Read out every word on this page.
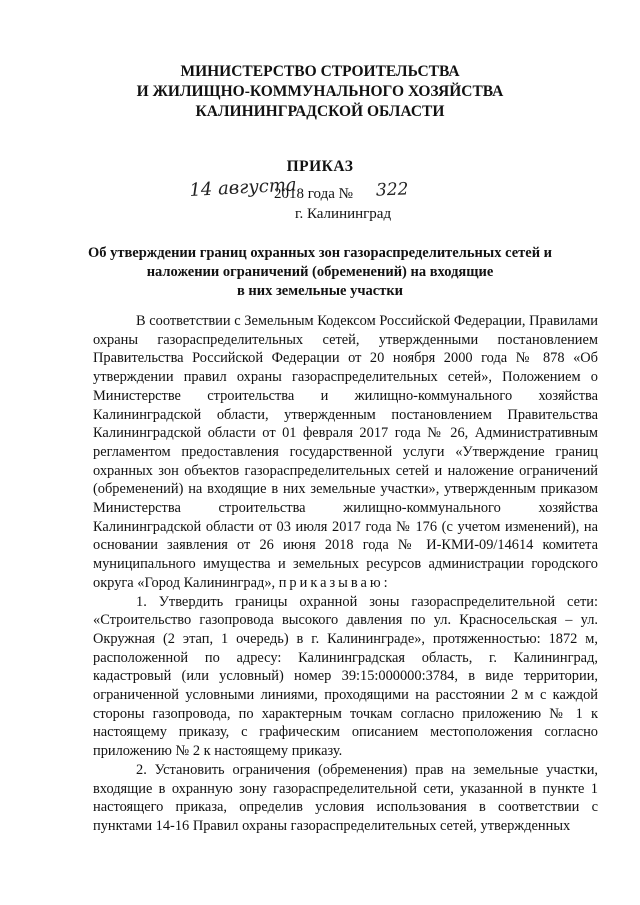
МИНИСТЕРСТВО СТРОИТЕЛЬСТВА
И ЖИЛИЩНО-КОММУНАЛЬНОГО ХОЗЯЙСТВА
КАЛИНИНГРАДСКОЙ ОБЛАСТИ
ПРИКАЗ
14 августа
2018 года № 322
г. Калининград
Об утверждении границ охранных зон газораспределительных сетей и
наложении ограничений (обременений) на входящие
в них земельные участки

В соответствии с Земельным Кодексом Российской Федерации, Правилами охраны газораспределительных сетей, утвержденными постановлением Правительства Российской Федерации от 20 ноября 2000 года № 878 «Об утверждении правил охраны газораспределительных сетей», Положением о Министерстве строительства и жилищно-коммунального хозяйства Калининградской области, утвержденным постановлением Правительства Калининградской области от 01 февраля 2017 года № 26, Административным регламентом предоставления государственной услуги «Утверждение границ охранных зон объектов газораспределительных сетей и наложение ограничений (обременений) на входящие в них земельные участки», утвержденным приказом Министерства строительства жилищно-коммунального хозяйства Калининградской области от 03 июля 2017 года № 176 (с учетом изменений), на основании заявления от 26 июня 2018 года № И-КМИ-09/14614 комитета муниципального имущества и земельных ресурсов администрации городского округа «Город Калининград», приказываю:

1. Утвердить границы охранной зоны газораспределительной сети: «Строительство газопровода высокого давления по ул. Красносельская – ул. Окружная (2 этап, 1 очередь) в г. Калининграде», протяженностью: 1872 м, расположенной по адресу: Калининградская область, г. Калининград, кадастровый (или условный) номер 39:15:000000:3784, в виде территории, ограниченной условными линиями, проходящими на расстоянии 2 м с каждой стороны газопровода, по характерным точкам согласно приложению № 1 к настоящему приказу, с графическим описанием местоположения согласно приложению № 2 к настоящему приказу.

2. Установить ограничения (обременения) прав на земельные участки, входящие в охранную зону газораспределительной сети, указанной в пункте 1 настоящего приказа, определив условия использования в соответствии с пунктами 14-16 Правил охраны газораспределительных сетей, утвержденных
